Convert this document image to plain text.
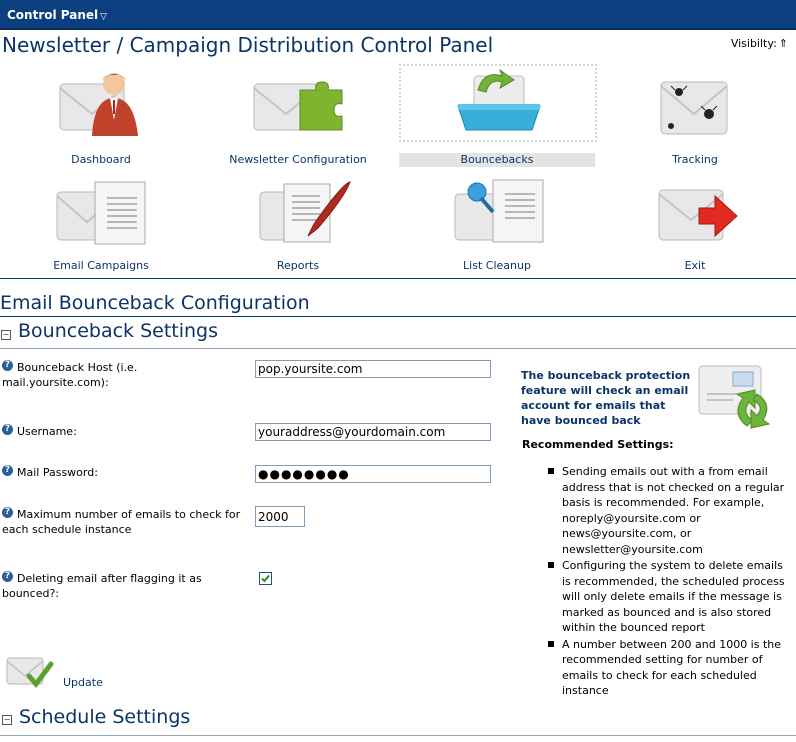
Control Panel ▽
Newsletter / Campaign Distribution Control Panel	Visibilty: ⇑
Dashboard	Newsletter Configuration	Bouncebacks	Tracking
Email Campaigns	Reports	List Cleanup	Exit
Email Bounceback Configuration
− Bounceback Settings
? Bounceback Host (i.e. mail.yoursite.com):
pop.yoursite.com
? Username:
youraddress@yourdomain.com
? Mail Password:
●●●●●●●●
? Maximum number of emails to check for each schedule instance
2000
? Deleting email after flagging it as bounced?:
Update
The bounceback protection feature will check an email account for emails that have bounced back
Recommended Settings:
Sending emails out with a from email address that is not checked on a regular basis is recommended. For example, noreply@yoursite.com or news@yoursite.com, or newsletter@yoursite.com
Configuring the system to delete emails is recommended, the scheduled process will only delete emails if the message is marked as bounced and is also stored within the bounced report
A number between 200 and 1000 is the recommended setting for number of emails to check for each scheduled instance
− Schedule Settings
